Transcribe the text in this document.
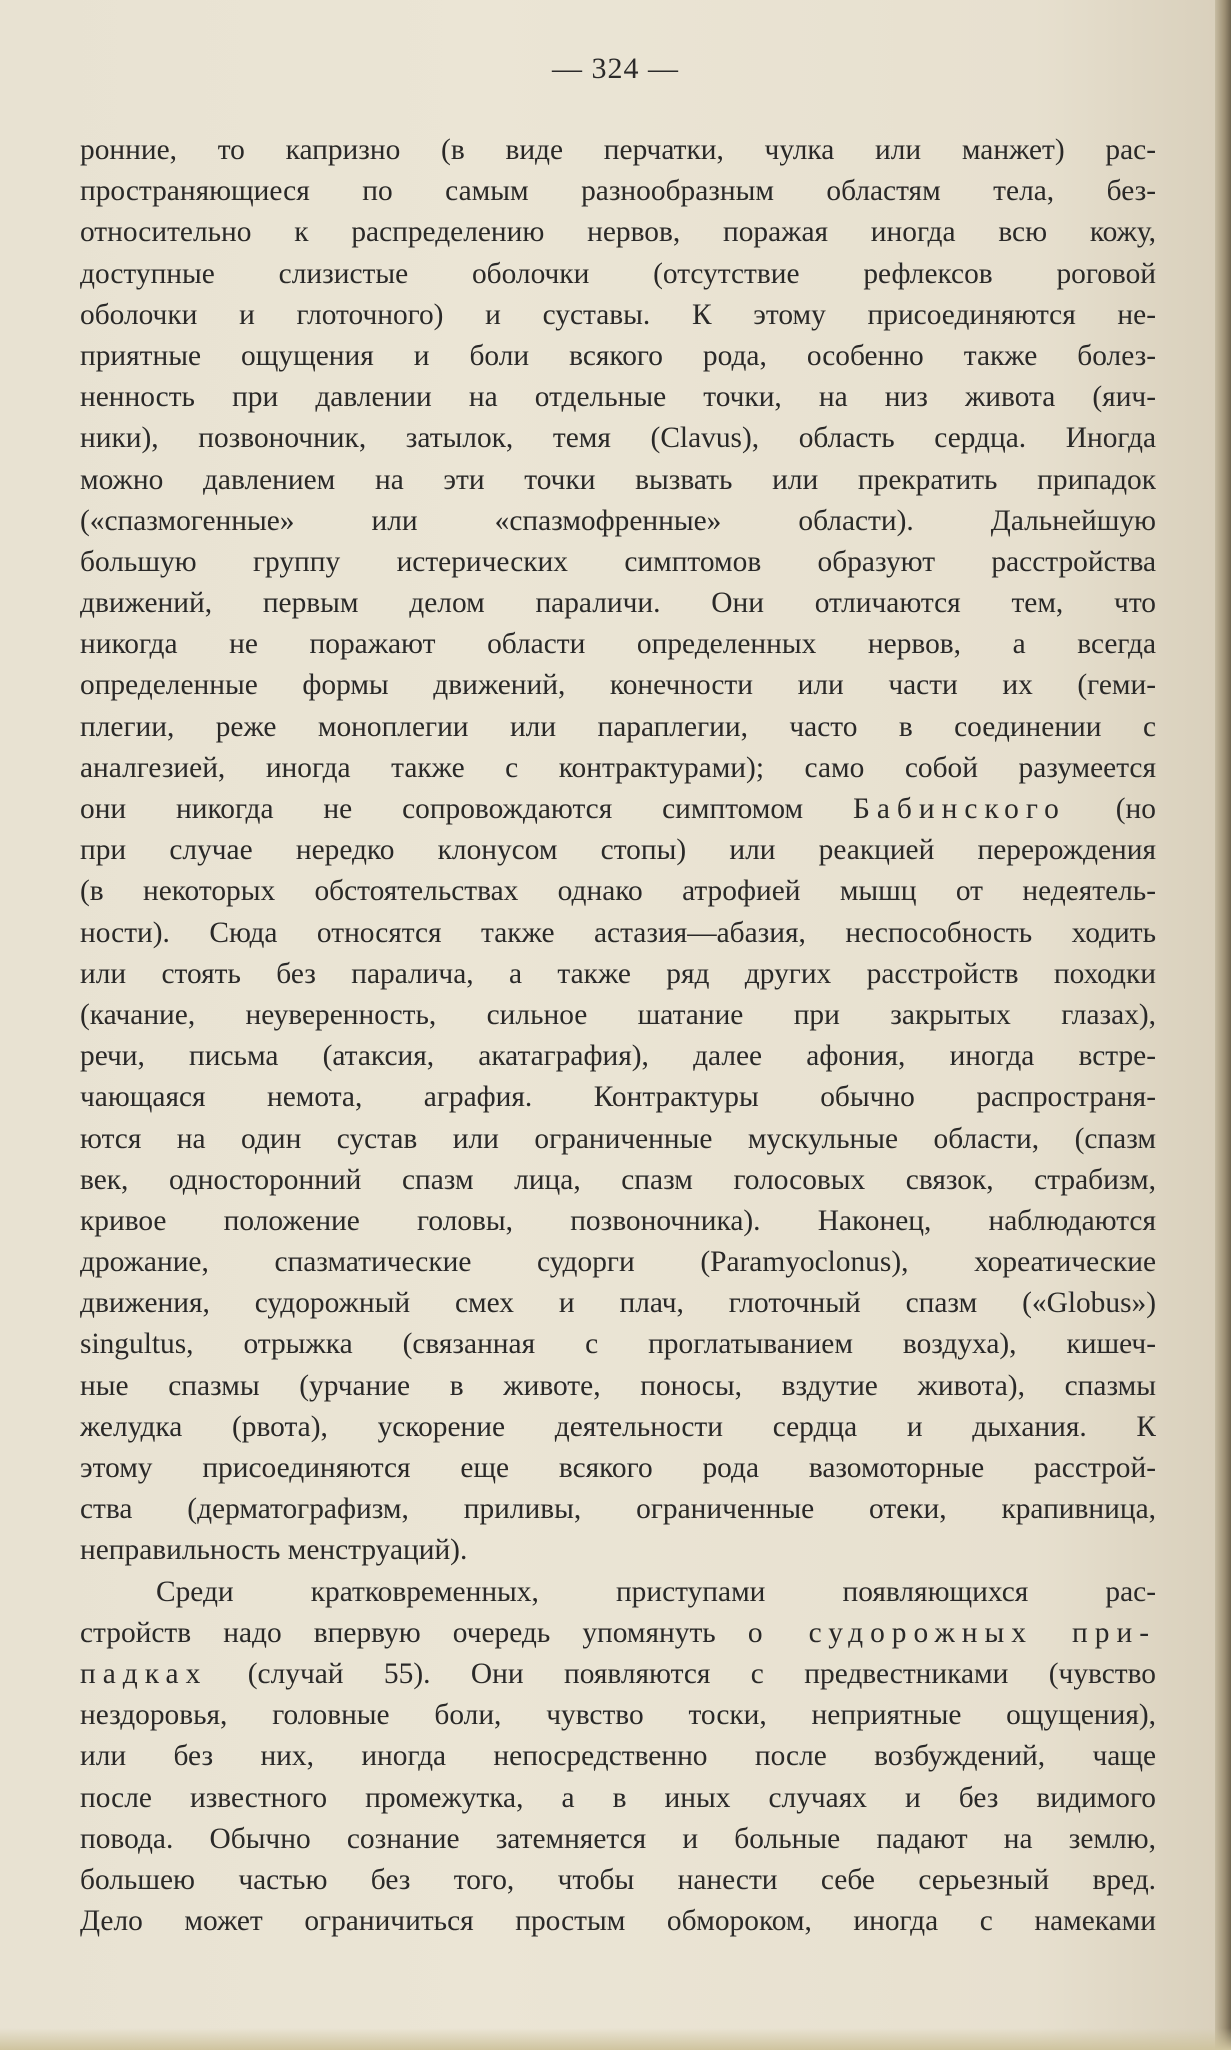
— 324 —
ронние, то капризно (в виде перчатки, чулка или манжет) рас-
пространяющиеся по самым разнообразным областям тела, без-
относительно к распределению нервов, поражая иногда всю кожу,
доступные слизистые оболочки (отсутствие рефлексов роговой
оболочки и глоточного) и суставы. К этому присоединяются не-
приятные ощущения и боли всякого рода, особенно также болез-
ненность при давлении на отдельные точки, на низ живота (яич-
ники), позвоночник, затылок, темя (Clavus), область сердца. Иногда
можно давлением на эти точки вызвать или прекратить припадок
(«спазмогенные» или «спазмофренные» области). Дальнейшую
большую группу истерических симптомов образуют расстройства
движений, первым делом параличи. Они отличаются тем, что
никогда не поражают области определенных нервов, а всегда
определенные формы движений, конечности или части их (геми-
плегии, реже моноплегии или параплегии, часто в соединении с
аналгезией, иногда также с контрактурами); само собой разумеется
они никогда не сопровождаются симптомом Бабинского (но
при случае нередко клонусом стопы) или реакцией перерождения
(в некоторых обстоятельствах однако атрофией мышц от недеятель-
ности). Сюда относятся также астазия—абазия, неспособность ходить
или стоять без паралича, а также ряд других расстройств походки
(качание, неуверенность, сильное шатание при закрытых глазах),
речи, письма (атаксия, акатаграфия), далее афония, иногда встре-
чающаяся немота, аграфия. Контрактуры обычно распространя-
ются на один сустав или ограниченные мускульные области, (спазм
век, односторонний спазм лица, спазм голосовых связок, страбизм,
кривое положение головы, позвоночника). Наконец, наблюдаются
дрожание, спазматические судорги (Paramyoclonus), хореатические
движения, судорожный смех и плач, глоточный спазм («Globus»)
singultus, отрыжка (связанная с проглатыванием воздуха), кишеч-
ные спазмы (урчание в животе, поносы, вздутие живота), спазмы
желудка (рвота), ускорение деятельности сердца и дыхания. К
этому присоединяются еще всякого рода вазомоторные расстрой-
ства (дерматографизм, приливы, ограниченные отеки, крапивница,
неправильность менструаций).
Среди кратковременных, приступами появляющихся рас-
стройств надо впервую очередь упомянуть о судорожных при-
падках (случай 55). Они появляются с предвестниками (чувство
нездоровья, головные боли, чувство тоски, неприятные ощущения),
или без них, иногда непосредственно после возбуждений, чаще
после известного промежутка, а в иных случаях и без видимого
повода. Обычно сознание затемняется и больные падают на землю,
большею частью без того, чтобы нанести себе серьезный вред.
Дело может ограничиться простым обмороком, иногда с намеками
